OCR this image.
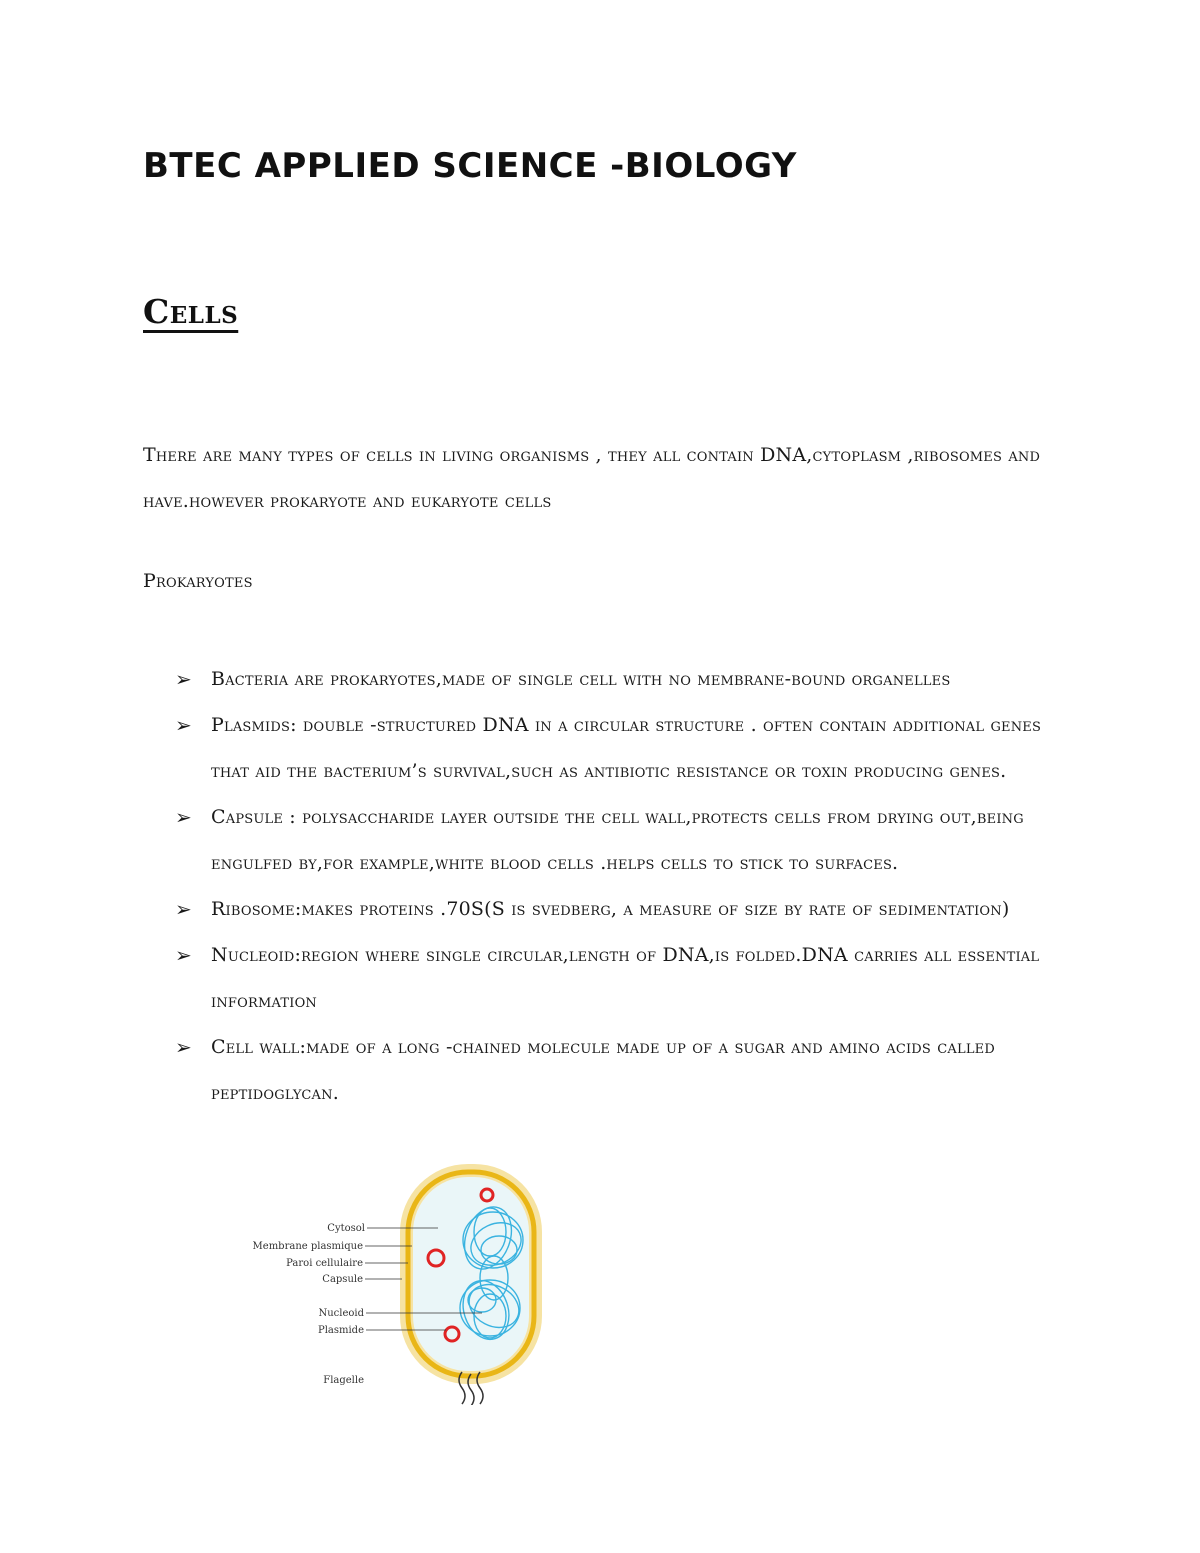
BTEC APPLIED SCIENCE -BIOLOGY
Cells

There are many types of cells in living organisms , they all contain DNA,cytoplasm ,ribosomes and have.however prokaryote and eukaryote cells

Prokaryotes

➢	Bacteria are prokaryotes,made of single cell with no membrane-bound organelles
➢	Plasmids: double -structured DNA in a circular structure . often contain additional genes that aid the bacterium’s survival,such as antibiotic resistance or toxin producing genes.
➢	Capsule : polysaccharide layer outside the cell wall,protects cells from drying out,being engulfed by,for example,white blood cells .helps cells to stick to surfaces.
➢	Ribosome:makes proteins .70S(S is svedberg, a measure of size by rate of sedimentation)
➢	Nucleoid:region where single circular,length of DNA,is folded.DNA carries all essential information
➢	Cell wall:made of a long -chained molecule made up of a sugar and amino acids called peptidoglycan.
Cytosol
Membrane plasmique
Paroi cellulaire
Capsule
Nucleoid
Plasmide
Flagelle
